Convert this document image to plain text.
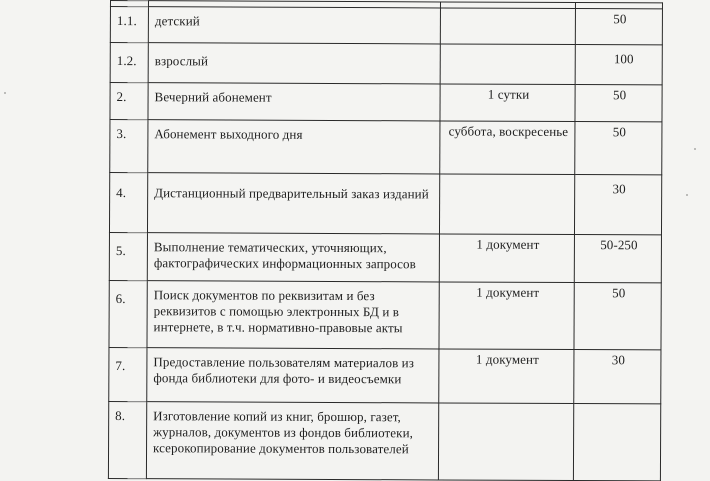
1.1.	детский		50
1.2.	взрослый		100
2.	Вечерний абонемент	1 сутки	50
3.	Абонемент выходного дня	суббота, воскресенье	50
4.	Дистанционный предварительный заказ изданий		30
5.	Выполнение тематических, уточняющих, фактографических информационных запросов	1 документ	50-250
6.	Поиск документов по реквизитам и без реквизитов с помощью электронных БД и в интернете, в т.ч. нормативно-правовые акты	1 документ	50
7.	Предоставление пользователям материалов из фонда библиотеки для фото- и видеосъемки	1 документ	30
8.	Изготовление копий из книг, брошюр, газет, журналов, документов из фондов библиотеки, ксерокопирование документов пользователей		
